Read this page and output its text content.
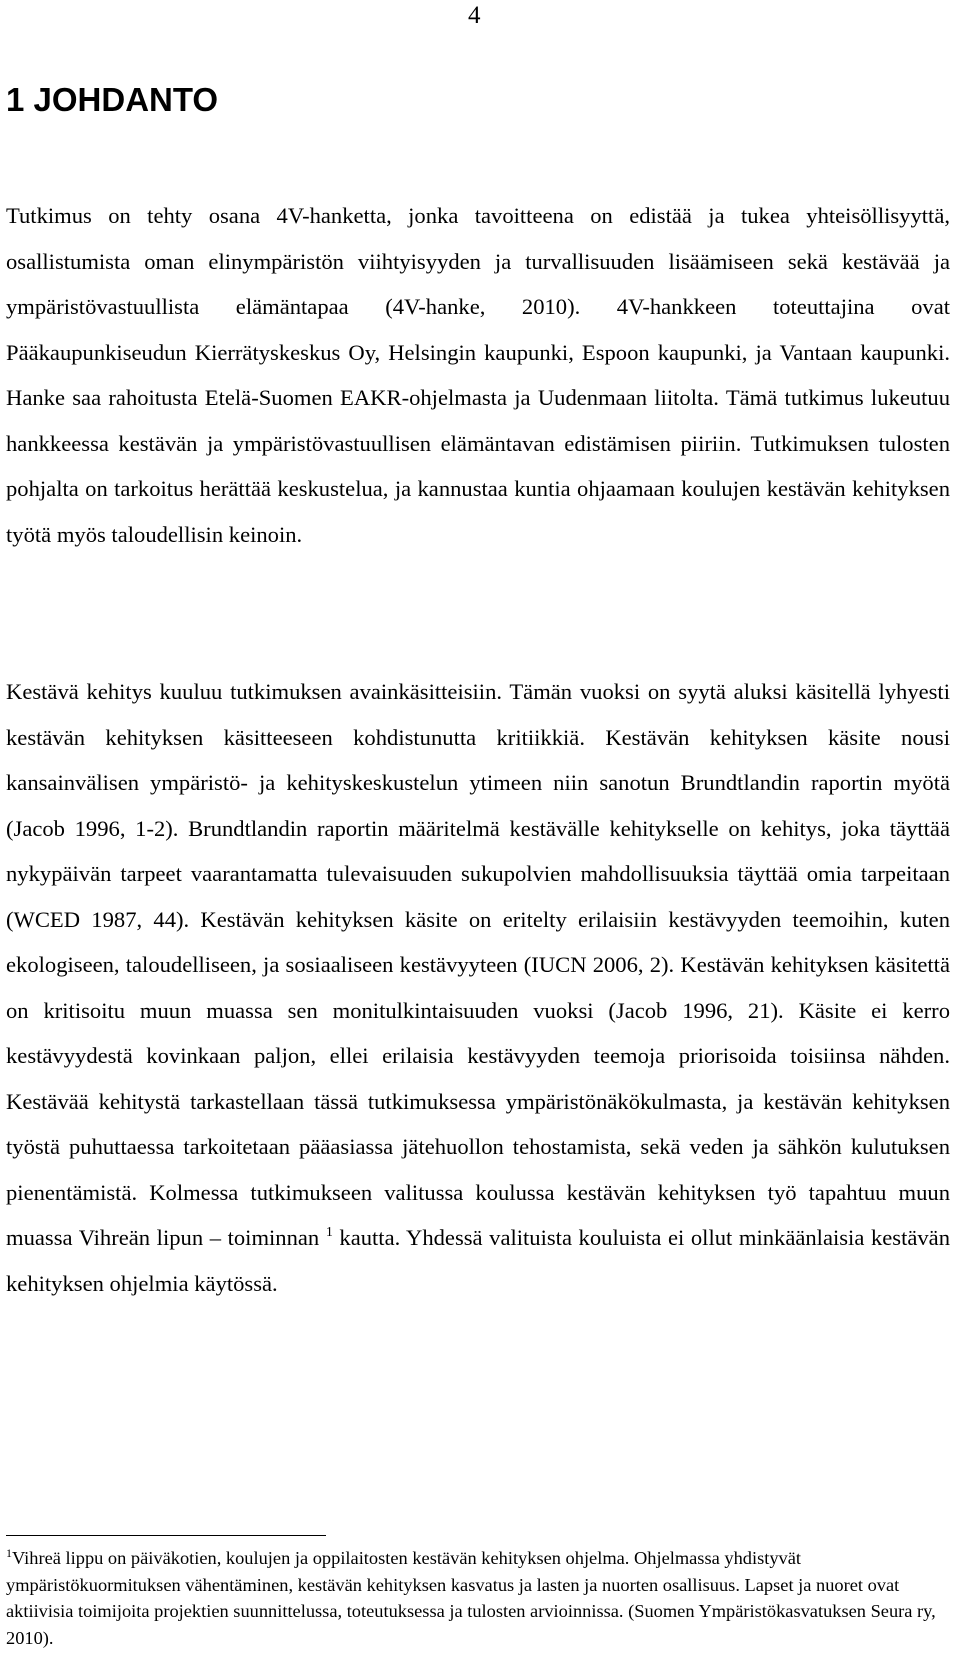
4
1 JOHDANTO

Tutkimus on tehty osana 4V-hanketta, jonka tavoitteena on edistää ja tukea yhteisöllisyyttä, osallistumista oman elinympäristön viihtyisyyden ja turvallisuuden lisäämiseen sekä kestävää ja ympäristövastuullista elämäntapaa (4V-hanke, 2010). 4V-hankkeen toteuttajina ovat Pääkaupunkiseudun Kierrätyskeskus Oy, Helsingin kaupunki, Espoon kaupunki, ja Vantaan kaupunki. Hanke saa rahoitusta Etelä-Suomen EAKR-ohjelmasta ja Uudenmaan liitolta. Tämä tutkimus lukeutuu hankkeessa kestävän ja ympäristövastuullisen elämäntavan edistämisen piiriin. Tutkimuksen tulosten pohjalta on tarkoitus herättää keskustelua, ja kannustaa kuntia ohjaamaan koulujen kestävän kehityksen työtä myös taloudellisin keinoin.

Kestävä kehitys kuuluu tutkimuksen avainkäsitteisiin. Tämän vuoksi on syytä aluksi käsitellä lyhyesti kestävän kehityksen käsitteeseen kohdistunutta kritiikkiä. Kestävän kehityksen käsite nousi kansainvälisen ympäristö- ja kehityskeskustelun ytimeen niin sanotun Brundtlandin raportin myötä (Jacob 1996, 1-2). Brundtlandin raportin määritelmä kestävälle kehitykselle on kehitys, joka täyttää nykypäivän tarpeet vaarantamatta tulevaisuuden sukupolvien mahdollisuuksia täyttää omia tarpeitaan (WCED 1987, 44). Kestävän kehityksen käsite on eritelty erilaisiin kestävyyden teemoihin, kuten ekologiseen, taloudelliseen, ja sosiaaliseen kestävyyteen (IUCN 2006, 2). Kestävän kehityksen käsitettä on kritisoitu muun muassa sen monitulkintaisuuden vuoksi (Jacob 1996, 21). Käsite ei kerro kestävyydestä kovinkaan paljon, ellei erilaisia kestävyyden teemoja priorisoida toisiinsa nähden. Kestävää kehitystä tarkastellaan tässä tutkimuksessa ympäristönäkökulmasta, ja kestävän kehityksen työstä puhuttaessa tarkoitetaan pääasiassa jätehuollon tehostamista, sekä veden ja sähkön kulutuksen pienentämistä. Kolmessa tutkimukseen valitussa koulussa kestävän kehityksen työ tapahtuu muun muassa Vihreän lipun – toiminnan $^1$ kautta. Yhdessä valituista kouluista ei ollut minkäänlaisia kestävän kehityksen ohjelmia käytössä.

$^1$Vihreä lippu on päiväkotien, koulujen ja oppilaitosten kestävän kehityksen ohjelma. Ohjelmassa yhdistyvät ympäristökuormituksen vähentäminen, kestävän kehityksen kasvatus ja lasten ja nuorten osallisuus. Lapset ja nuoret ovat aktiivisia toimijoita projektien suunnittelussa, toteutuksessa ja tulosten arvioinnissa. (Suomen Ympäristökasvatuksen Seura ry, 2010).
